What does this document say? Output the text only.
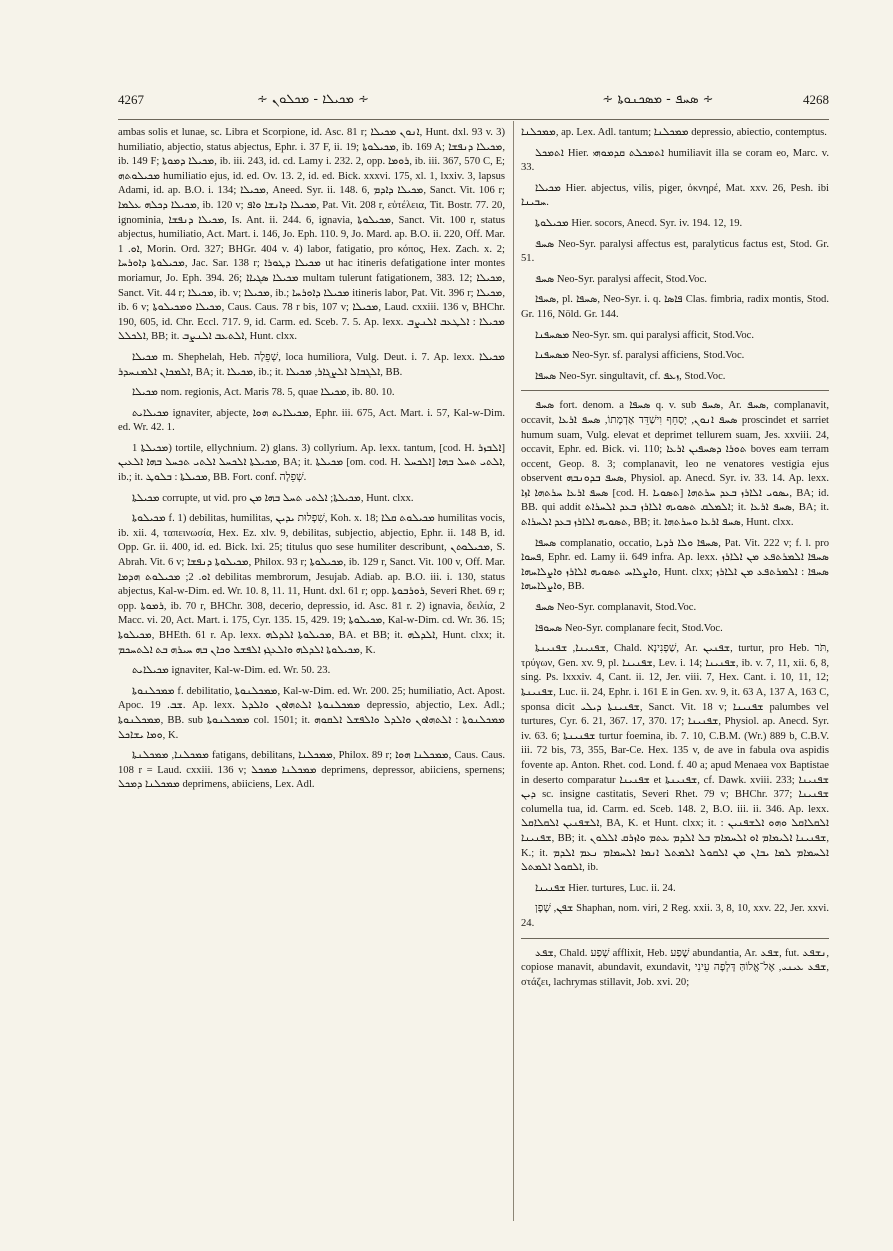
4267	∻ ܡܟܝܠܐ - ܡܟܠܘܢ ∻	∻ ܣܚܦ - ܡܣܟܢܘܬܐ ∻	4268

ambas solis et lunae, sc. Libra et Scorpione, id. Asc. 81 r; ܐܢܘܢ ܡܟܝܠܐ, Hunt. dxl. 93 v. 3) humiliatio, abjectio, status abjectus, Ephr. i. 37 F, ii. 19; ܡܟܝܠܘܬܐ, ib. 169 A; ܡܟܝܠܐ ܕܢܦܫܐ, ib. 149 F; ܡܟܝܠܐ ܕܡܘܬܐ, ib. iii. 243, id. cd. Lamy i. 232. 2, opp. ܪܘܡܐ, ib. iii. 367, 570 C, E; ܡܟܝܠܘܬܗ humiliatio ejus, id. ed. Ov. 13. 2, id. ed. Bick. xxxvi. 175, xl. 1, lxxiv. 3, lapsus Adami, id. ap. B.O. i. 134; ܡܟܝܠܐ, Aneed. Syr. ii. 148. 6, ܡܟܝܠܐ ܕܐܕܡ, Sanct. Vit. 106 r; ܡܟܝܠܐ ܕܟܠܗ ܥܠܡܐ, ib. 120 v; ܡܟܝܠܐ ܕܐܢܫܐ ܘܐܦ, Pat. Vit. 208 r, εὐτέλεια, Tit. Bostr. 77. 20, ignominia, ܡܟܝܠܐ ܕܢܦܫܐ, Is. Ant. ii. 244. 6, ignavia, ܡܟܝܠܘܬܐ, Sanct. Vit. 100 r, status abjectus, humiliatio, Act. Mart. i. 146, Jo. Eph. 110. 9, Jo. Mard. ap. B.O. ii. 220, Off. Mar. ܐܘ. 1, Morin. Ord. 327; BHGr. 404 v. 4) labor, fatigatio, pro κόπος, Hex. Zach. x. 2; ܡܟܝܠܘܬܐ ܕܐܘܪܚܐ, Jac. Sar. 138 r; ܡܟܝܠܐ ܕܛܘܪܐ ut hac itineris defatigatione inter montes moriamur, Jo. Eph. 394. 26; ܡܟܝܠܐ ܣܓܝܐܐ multam tulerunt fatigationem, 383. 12; ܡܟܝܠܐ, Sanct. Vit. 44 r; ܡܟܝܠܐ, ib. v; ܡܟܝܠܐ, ib.; ܡܟܝܠܐ ܕܐܘܪܚܐ itineris labor, Pat. Vit. 396 r; ܡܟܝܠܐ, ib. 6 v; ܡܟܝܠܐ ܘܡܟܝܠܘܬܐ, Caus. Caus. 78 r bis, 107 v; ܡܟܝܠܐ, Laud. cxxiii. 136 v, BHChr. 190, 605, id. Chr. Eccl. 717. 9, id. Carm. ed. Sceb. 7. 5. Ap. lexx. ܡܟܝܠܐ : ܐܠܛܥܒ ܐܠܢܨܒ ܐܠܟܠܠ, BB; it. ܐܠܬܥܒ ܐܠܢܨܒ, Hunt. clxx.

ܡܟܝܠܐ m. Shephelah, Heb. שְׁפֵלָה, loca humiliora, Vulg. Deut. i. 7. Ap. lexx. ܡܟܝܠܐ ܐܠܡܟܐܢ ܐܠܡܢܚܕܪ, BA; it. ܡܟܝܠܐ, ib.; it. ܐܠܓܒܐܠ ܐܠܨܓܐܪ, ܡܟܝܠܐ, BB.

ܡܟܝܠܐ nom. regionis, Act. Maris 78. 5, quae ܡܟܝܠܐ, ib. 80. 10.

ܡܟܝܠܐܝܬ ignaviter, abjecte, ܡܟܝܠܐܝܬ ܗܘܐ, Ephr. iii. 675, Act. Mart. i. 57, Kal-w-Dim. ed. Wr. 42. 1.

ܡܟܝܠܬܐ 1) tortile, ellychnium. 2) glans. 3) collyrium. Ap. lexx. tantum, [cod. H. ܐܠܒܙܪ] ܡܟܝܠܬܐ ܐܠܟܚܠ ܐܠܬܝ ܬܟܚܠ ܒܗܐ ܐܠܥܝܢ, BA; it. ܡܟܝܠܬܐ [om. cod. H. ܐܠܟܚܠ] ܐܠܬܝ ܬܚܠ ܒܗܐ, ib.; it. ܡܟܝܠܬܐ : ܒܠܘܛ, BB. Fort. conf. שְׁפֵלָה.

ܡܟܝܠܬܐ corrupte, ut vid. pro ܡܟܝܠܬܐ; ܐܠܬܝ ܬܚܠ ܒܗܐ ܡܢ, Hunt. clxx.

ܡܟܝܠܘܬܐ f. 1) debilitas, humilitas, שִׁפְלוּת ܝܕܝܢ, Koh. x. 18; ܡܟܝܠܘܬ ܩܠܐ humilitas vocis, ib. xii. 4, ταπεινωσία, Hex. Ez. xlv. 9, debilitas, subjectio, abjectio, Ephr. ii. 148 B, id. Opp. Gr. ii. 400, id. ed. Bick. lxi. 25; titulus quo sese humiliter describunt, ܡܟܝܠܘܬܢ, S. Abrah. Vit. 6 v; ܡܟܝܠܘܬܐ ܕܢܦܫܐ, Philox. 93 r; ܡܟܝܠܘܬܐ, ib. 129 r, Sanct. Vit. 100 v, Off. Mar. ܐܘ. 2; ܡܟܝܠܘܬ ܗܕܡܐ debilitas membrorum, Jesujab. Adiab. ap. B.O. iii. i. 130, status abjectus, Kal-w-Dim. ed. Wr. 10. 8, 11. 11, Hunt. dxl. 61 r; opp. ܪܘܪܒܘܬܐ, Severi Rhet. 69 r; opp. ܪܡܘܬܐ, ib. 70 r, BHChr. 308, decerio, depressio, id. Asc. 81 r. 2) ignavia, δειλία, 2 Macc. vi. 20, Act. Mart. i. 175, Cyr. 135. 15, 429. 19; ܡܟܝܠܘܬܐ, Kal-w-Dim. cd. Wr. 36. 15; ܡܟܝܠܘܬܐ, BHEth. 61 r. Ap. lexx. ܡܟܝܠܘܬܐ ܐܠܕܠܗ, BA. et BB; it. ܐܠܕܠܗ, Hunt. clxx; it. ܡܟܝܠܘܬܐ ܐܠܕܠܗ ܘܐܠܥܓܙ ܐܠܦܫܠ ܘܟܐܢ ܒܗ ܚܝܪܗ ܒܬ ܐܠܬܚܟܡ, K.

ܡܟܝܠܐܝܬ ignaviter, Kal-w-Dim. ed. Wr. 50. 23.

ܡܡܟܠܢܘܬܐ f. debilitatio, ܡܡܟܠܢܘܬܐ, Kal-w-Dim. ed. Wr. 200. 25; humiliatio, Act. Apost. Apoc. ܫܒ. 19. Ap. lexx. ܡܡܟܠܢܘܬܐ ܐܠܬܗܐܘܢ ܘܐܠܕܠ depressio, abjectio, Lex. Adl.; ܡܡܟܠܢܘܬܐ, BB. sub ܡܡܟܠܢܘܬܐ col. 1501; it. ܡܡܟܠܢܘܬܐ : ܐܠܬܗܐܘܢ ܘܐܠܕܠ ܘܐܠܦܫܠ ܐܠܩܘܗ ܘܡܐ ܝܫܐܟܠ, K.

ܡܡܟܠܢܐ, ܡܡܟܠܢܬܐ fatigans, debilitans, ܡܡܟܠܢܐ, Philox. 89 r; ܡܡܟܠܢܐ ܗܘܐ, Caus. Caus. 108 r = Laud. cxxiii. 136 v; ܡܡܟܠܢܐ ܡܡܟܠ deprimens, depressor, abiiciens, spernens; ܡܡܟܠܢܐ ܕܡܟܠ deprimens, abiiciens, Lex. Adl.

ܡܡܟܠܢܐ, ap. Lex. Adl. tantum; ܡܡܟܠܢܐ depressio, abiectio, contemptus.

ܐܬܡܟܠ Hier. ܐܬܡܟܠܬ ܩܕܡܘܗܝ humiliavit illa se coram eo, Marc. v. 33.

ܡܟܝܠܐ Hier. abjectus, vilis, piger, ὀκνηρέ, Mat. xxv. 26, Pesh. ibi ܚܒܝܢܐ.

ܡܟܝܠܘܬܐ Hier. socors, Anecd. Syr. iv. 194. 12, 19.

ܣܚܦ Neo-Syr. paralysi affectus est, paralyticus factus est, Stod. Gr. 51.

ܣܚܦ Neo-Syr. paralysi affecit, Stod.Voc.

ܣܚܦܐ, pl. ܣܚܦܐ, Neo-Syr. i. q. ܦܐܣܐ Clas. fimbria, radix montis, Stod. Gr. 116, Nöld. Gr. 144.

ܡܣܚܦܢܐ Neo-Syr. sm. qui paralysi afficit, Stod.Voc.

ܡܣܚܦܢܐ Neo-Syr. sf. paralysi afficiens, Stod.Voc.

ܣܚܦܐ Neo-Syr. singultavit, cf. ܙܥܦ, Stod.Voc.

ܣܚܦ fort. denom. a ܣܚܦܐ q. v. sub ܣܚܦ, Ar. ܣܚܦ, complanavit, occavit, ܣܚܦ ܐܢܘܢ, יְסַחֵף וִישַׁדֵּד אַדְמָתוֹ, ܣܚܦ ܐܪܥܐ proscindet et sarriet humum suam, Vulg. elevat et deprimet tellurem suam, Jes. xxviii. 24, occavit, Ephr. ed. Bick. vi. 110; ܬܘܪܐ ܕܣܚܦܝܢ ܐܪܥܐ boves eam terram occent, Geop. 8. 3; complanavit, leo ne venatores vestigia ejus observent ܣܚܦ ܒܕܘܢܒܗ, Physiol. ap. Anecd. Syr. iv. 33. 14. Ap. lexx. ܣܚܦ ܐܪܥܐ ܚܪܬܗܐ ܐܙܐ [cod. H. ܬܣܘܝܐ] ܝܣܘܝ ܐܠܐܪܙ ܒܥܕ ܚܪܬܗܐ, BA; id. BB. qui addit ܐܠܡܠܩ ܬܣܘܝܗ ܐܠܐܪܙ ܒܥܕ ܐܠܚܪܐܬ; it. ܣܚܦ ܐܪܥܐ, BA; it. ܬܣܘܝܗ ܐܠܐܪܙ ܒܥܕ ܐܠܚܪܐܬ, BB; it. ܣܚܦ ܐܪܥܐ ܘܚܪܬܗܐ, Hunt. clxx.

ܣܚܦܐ complanatio, occatio, ܣܚܦܐ ܘܠܐ ܪܕܝܐ, Pat. Vit. 222 v; f. l. pro ܦܚܘܐ, Ephr. ed. Lamy ii. 649 infra. Ap. lexx. ܣܚܦܐ ܐܠܡܪܬܦܥ ܡܢ ܐܠܐܪܙ ܘܐܨܠܐܚ ܬܣܘܝܗ ܐܠܐܪܙ ܘܐܨܠܐܚܗܐ, Hunt. clxx; ܣܚܦܐ : ܐܠܡܪܬܦܥ ܡܢ ܐܠܐܪܙ ܘܐܨܠܐܚܗܐ, BB.

ܣܚܦ Neo-Syr. complanavit, Stod.Voc.

ܣܚܘܦܐ Neo-Syr. complanare fecit, Stod.Voc.

ܫܦܢܝܢܐ, ܫܦܢܝܢܬܐ, Chald. שַׁפְנִינָא, Ar. ܫܦܢܝܢ, turtur, pro Heb. תֹּר, τρύγων, Gen. xv. 9, pl. ܫܦܢܝܢܐ, Lev. i. 14; ܫܦܢܝܢܐ, ib. v. 7, 11, xii. 6, 8, sing. Ps. lxxxiv. 4, Cant. ii. 12, Jer. viii. 7, Hex. Cant. i. 10, 11, 12; ܫܦܢܝܢܬܐ, Luc. ii. 24, Ephr. i. 161 E in Gen. xv. 9, it. 63 A, 137 A, 163 C, sponsa dicit ܫܦܢܝܢܬܐ ܕܝܠܝ, Sanct. Vit. 18 v; ܫܦܢܝܢܐ palumbes vel turtures, Cyr. 6. 21, 367. 17, 370. 17; ܫܦܢܝܢܐ, Physiol. ap. Anecd. Syr. iv. 63. 6; ܫܦܢܝܢܬܐ turtur foemina, ib. 7. 10, C.B.M. (Wr.) 889 b, C.B.V. iii. 72 bis, 73, 355, Bar-Ce. Hex. 135 v, de ave in fabula ova aspidis fovente ap. Anton. Rhet. cod. Lond. f. 40 a; apud Menaea vox Baptistae in deserto comparatur ܫܦܢܝܢܐ et ܫܦܢܝܢܬܐ, cf. Dawk. xviii. 233; ܫܦܢܝܢܐ ܕܝܢ sc. insigne castitatis, Severi Rhet. 79 v; BHChr. 377; ܫܦܢܝܢܐ columella tua, id. Carm. ed. Sceb. 148. 2, B.O. iii. ii. 346. Ap. lexx. ܐܠܫܦܢܝܢ ܐܠܩܠܐܩܠ, BA, K. et Hunt. clxx; it. ܐܠܩܠܐܩܠ ܘܗܘ ܐܠܫܦܢܝܢ : ܫܦܢܝܢܐ, BB; it. ܫܦܢܝܢܐ ܐܠܝܡܐܡ ܐܘ ܐܠܚܡܐܡ ܒܠ ܐܠܕܡ ܥܬܡ ܘܐܙܪܩ ܐܠܠܘܢ, K.; it. ܐܠܚܡܐܡ ܠܡܐ ܝܒܐܢ ܡܢ ܐܠܩܘܠ ܐܠܡܬܠ ܐܢܡܐ ܐܠܚܡܐܡ ܢܥܡ ܐܠܕܡ ܐܠܩܘܠ ܐܠܡܬܠ, ib.

ܫܦܢܝܢܐ Hier. turtures, Luc. ii. 24.

ܫܦܢ, שָׁפָן Shaphan, nom. viri, 2 Reg. xxii. 3, 8, 10, xxv. 22, Jer. xxvi. 24.

ܫܦܥ, Chald. שְׁפַע afflixit, Heb. שֶׁפַע abundantia, Ar. ܫܦܥ, fut. ܢܫܦܥ, copiose manavit, abundavit, exundavit, ܫܦܥ ܥܝܢܝ, אֶל־אֱלוֹהַּ דָּלְפָה עֵינִי, στάζει, lachrymas stillavit, Job. xvi. 20;
